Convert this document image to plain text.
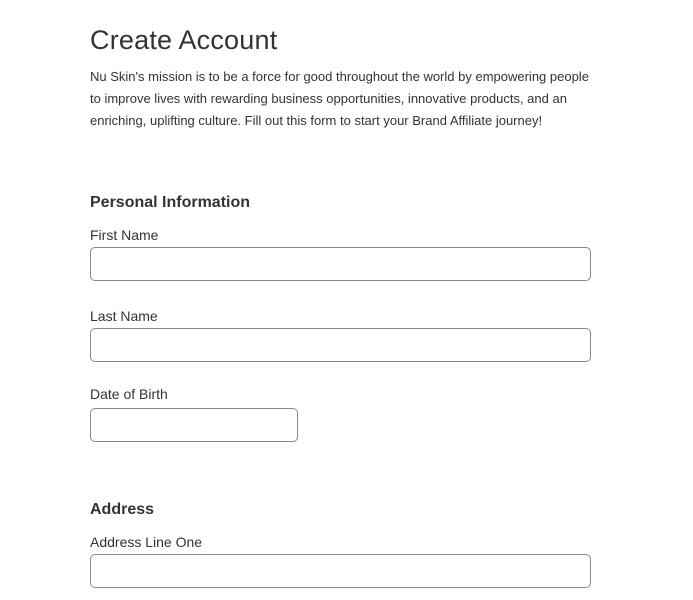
Create Account

Nu Skin's mission is to be a force for good throughout the world by empowering people to improve lives with rewarding business opportunities, innovative products, and an enriching, uplifting culture. Fill out this form to start your Brand Affiliate journey!

Personal Information
First Name
Last Name
Date of Birth
Address
Address Line One
